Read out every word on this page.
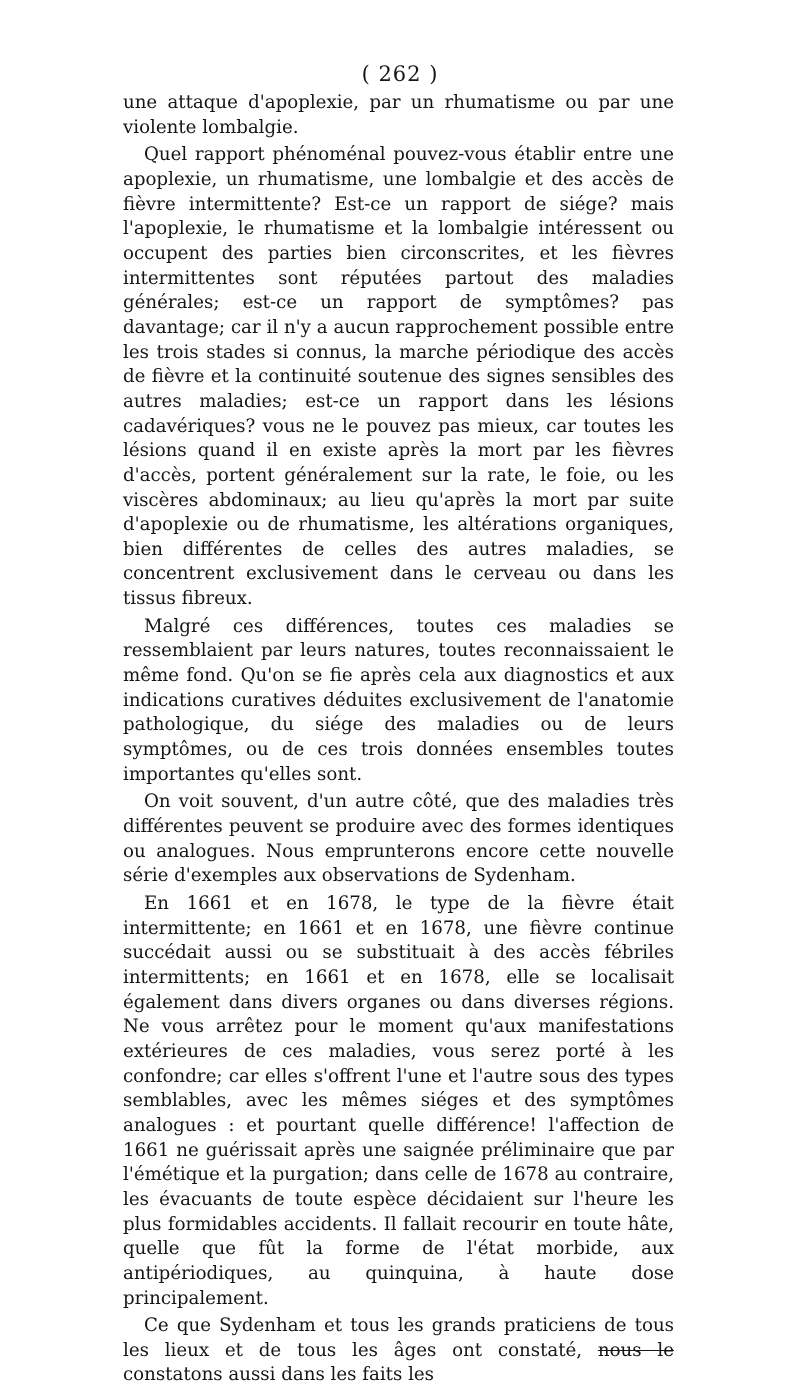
( 262 )

une attaque d'apoplexie, par un rhumatisme ou par une violente lombalgie.

Quel rapport phénoménal pouvez-vous établir entre une apoplexie, un rhumatisme, une lombalgie et des accès de fièvre intermittente? Est-ce un rapport de siége? mais l'apoplexie, le rhumatisme et la lombalgie intéressent ou occupent des parties bien circonscrites, et les fièvres intermittentes sont réputées partout des maladies générales; est-ce un rapport de symptômes? pas davantage; car il n'y a aucun rapprochement possible entre les trois stades si connus, la marche périodique des accès de fièvre et la continuité soutenue des signes sensibles des autres maladies; est-ce un rapport dans les lésions cadavériques? vous ne le pouvez pas mieux, car toutes les lésions quand il en existe après la mort par les fièvres d'accès, portent généralement sur la rate, le foie, ou les viscères abdominaux; au lieu qu'après la mort par suite d'apoplexie ou de rhumatisme, les altérations organiques, bien différentes de celles des autres maladies, se concentrent exclusivement dans le cerveau ou dans les tissus fibreux.

Malgré ces différences, toutes ces maladies se ressemblaient par leurs natures, toutes reconnaissaient le même fond. Qu'on se fie après cela aux diagnostics et aux indications curatives déduites exclusivement de l'anatomie pathologique, du siége des maladies ou de leurs symptômes, ou de ces trois données ensembles toutes importantes qu'elles sont.

On voit souvent, d'un autre côté, que des maladies très différentes peuvent se produire avec des formes identiques ou analogues. Nous emprunterons encore cette nouvelle série d'exemples aux observations de Sydenham.

En 1661 et en 1678, le type de la fièvre était intermittente; en 1661 et en 1678, une fièvre continue succédait aussi ou se substituait à des accès fébriles intermittents; en 1661 et en 1678, elle se localisait également dans divers organes ou dans diverses régions. Ne vous arrêtez pour le moment qu'aux manifestations extérieures de ces maladies, vous serez porté à les confondre; car elles s'offrent l'une et l'autre sous des types semblables, avec les mêmes siéges et des symptômes analogues : et pourtant quelle différence! l'affection de 1661 ne guérissait après une saignée préliminaire que par l'émétique et la purgation; dans celle de 1678 au contraire, les évacuants de toute espèce décidaient sur l'heure les plus formidables accidents. Il fallait recourir en toute hâte, quelle que fût la forme de l'état morbide, aux antipériodiques, au quinquina, à haute dose principalement.

Ce que Sydenham et tous les grands praticiens de tous les lieux et de tous les âges ont constaté, nous le constatons aussi dans les faits les
